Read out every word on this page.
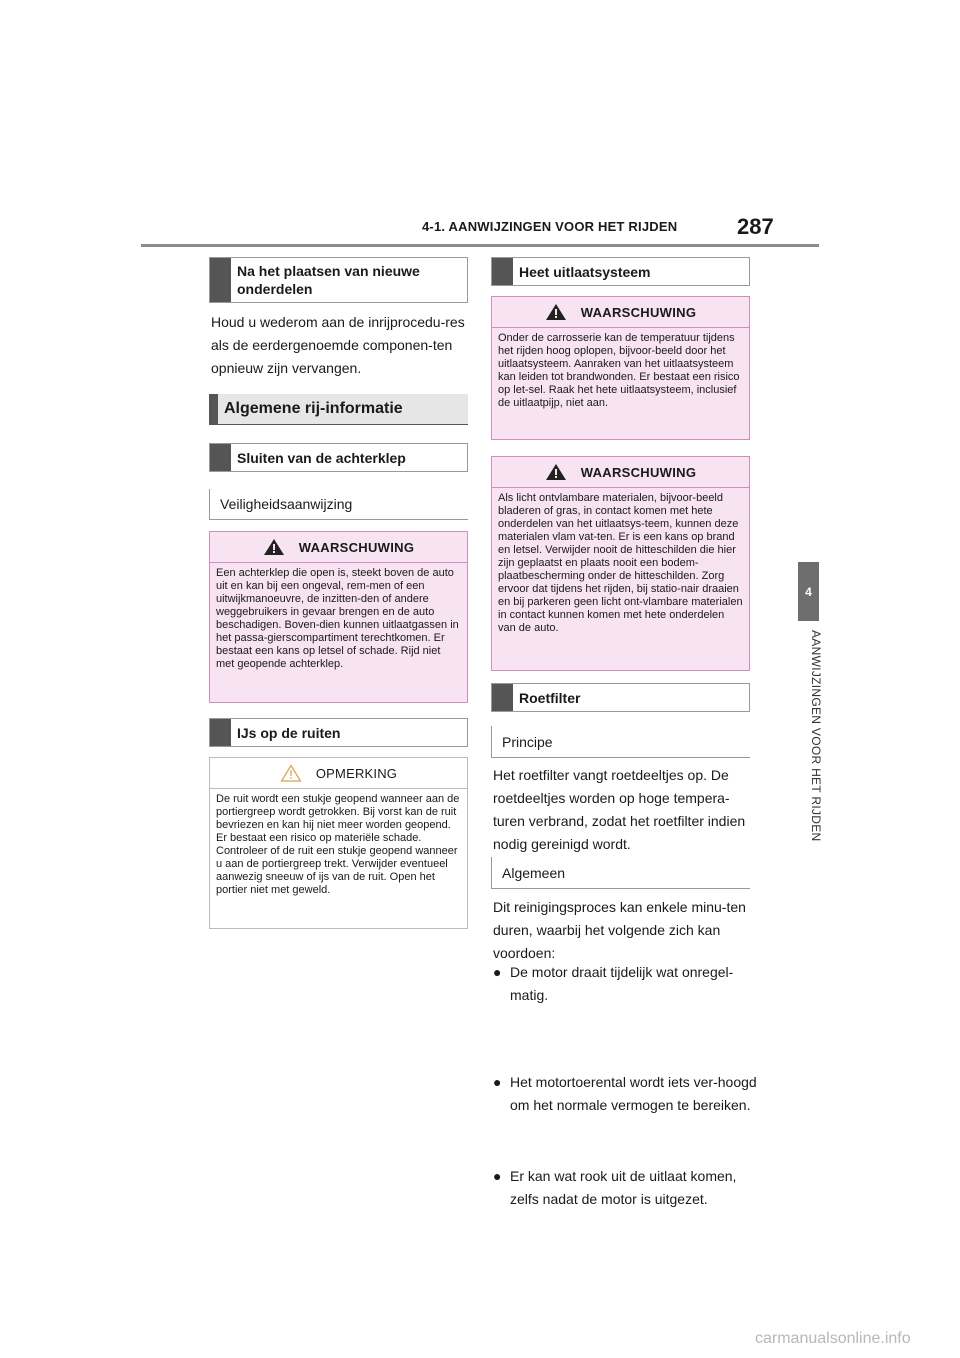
4-1. AANWIJZINGEN VOOR HET RIJDEN	287
4
AANWIJZINGEN VOOR HET RIJDEN
Na het plaatsen van nieuwe onderdelen
Houd u wederom aan de inrijprocedu-res als de eerdergenoemde componen-ten opnieuw zijn vervangen.
Algemene rij-informatie
Sluiten van de achterklep
Veiligheidsaanwijzing
WAARSCHUWING
Een achterklep die open is, steekt boven de auto uit en kan bij een ongeval, rem-men of een uitwijkmanoeuvre, de inzitten-den of andere weggebruikers in gevaar brengen en de auto beschadigen. Boven-dien kunnen uitlaatgassen in het passa-gierscompartiment terechtkomen. Er bestaat een kans op letsel of schade. Rijd niet met geopende achterklep.
IJs op de ruiten
OPMERKING
De ruit wordt een stukje geopend wanneer aan de portiergreep wordt getrokken. Bij vorst kan de ruit bevriezen en kan hij niet meer worden geopend. Er bestaat een risico op materiële schade. Controleer of de ruit een stukje geopend wanneer u aan de portiergreep trekt. Verwijder eventueel aanwezig sneeuw of ijs van de ruit. Open het portier niet met geweld.
Heet uitlaatsysteem
WAARSCHUWING
Onder de carrosserie kan de temperatuur tijdens het rijden hoog oplopen, bijvoor-beeld door het uitlaatsysteem. Aanraken van het uitlaatsysteem kan leiden tot brandwonden. Er bestaat een risico op let-sel. Raak het hete uitlaatsysteem, inclusief de uitlaatpijp, niet aan.
WAARSCHUWING
Als licht ontvlambare materialen, bijvoor-beeld bladeren of gras, in contact komen met hete onderdelen van het uitlaatsys-teem, kunnen deze materialen vlam vat-ten. Er is een kans op brand en letsel. Verwijder nooit de hitteschilden die hier zijn geplaatst en plaats nooit een bodem-plaatbescherming onder de hitteschilden. Zorg ervoor dat tijdens het rijden, bij statio-nair draaien en bij parkeren geen licht ont-vlambare materialen in contact kunnen komen met hete onderdelen van de auto.
Roetfilter
Principe
Het roetfilter vangt roetdeeltjes op. De roetdeeltjes worden op hoge tempera-turen verbrand, zodat het roetfilter indien nodig gereinigd wordt.
Algemeen
Dit reinigingsproces kan enkele minu-ten duren, waarbij het volgende zich kan voordoen:
● De motor draait tijdelijk wat onregel-matig.
● Het motortoerental wordt iets ver-hoogd om het normale vermogen te bereiken.
● Er kan wat rook uit de uitlaat komen, zelfs nadat de motor is uitgezet.
carmanualsonline.info
